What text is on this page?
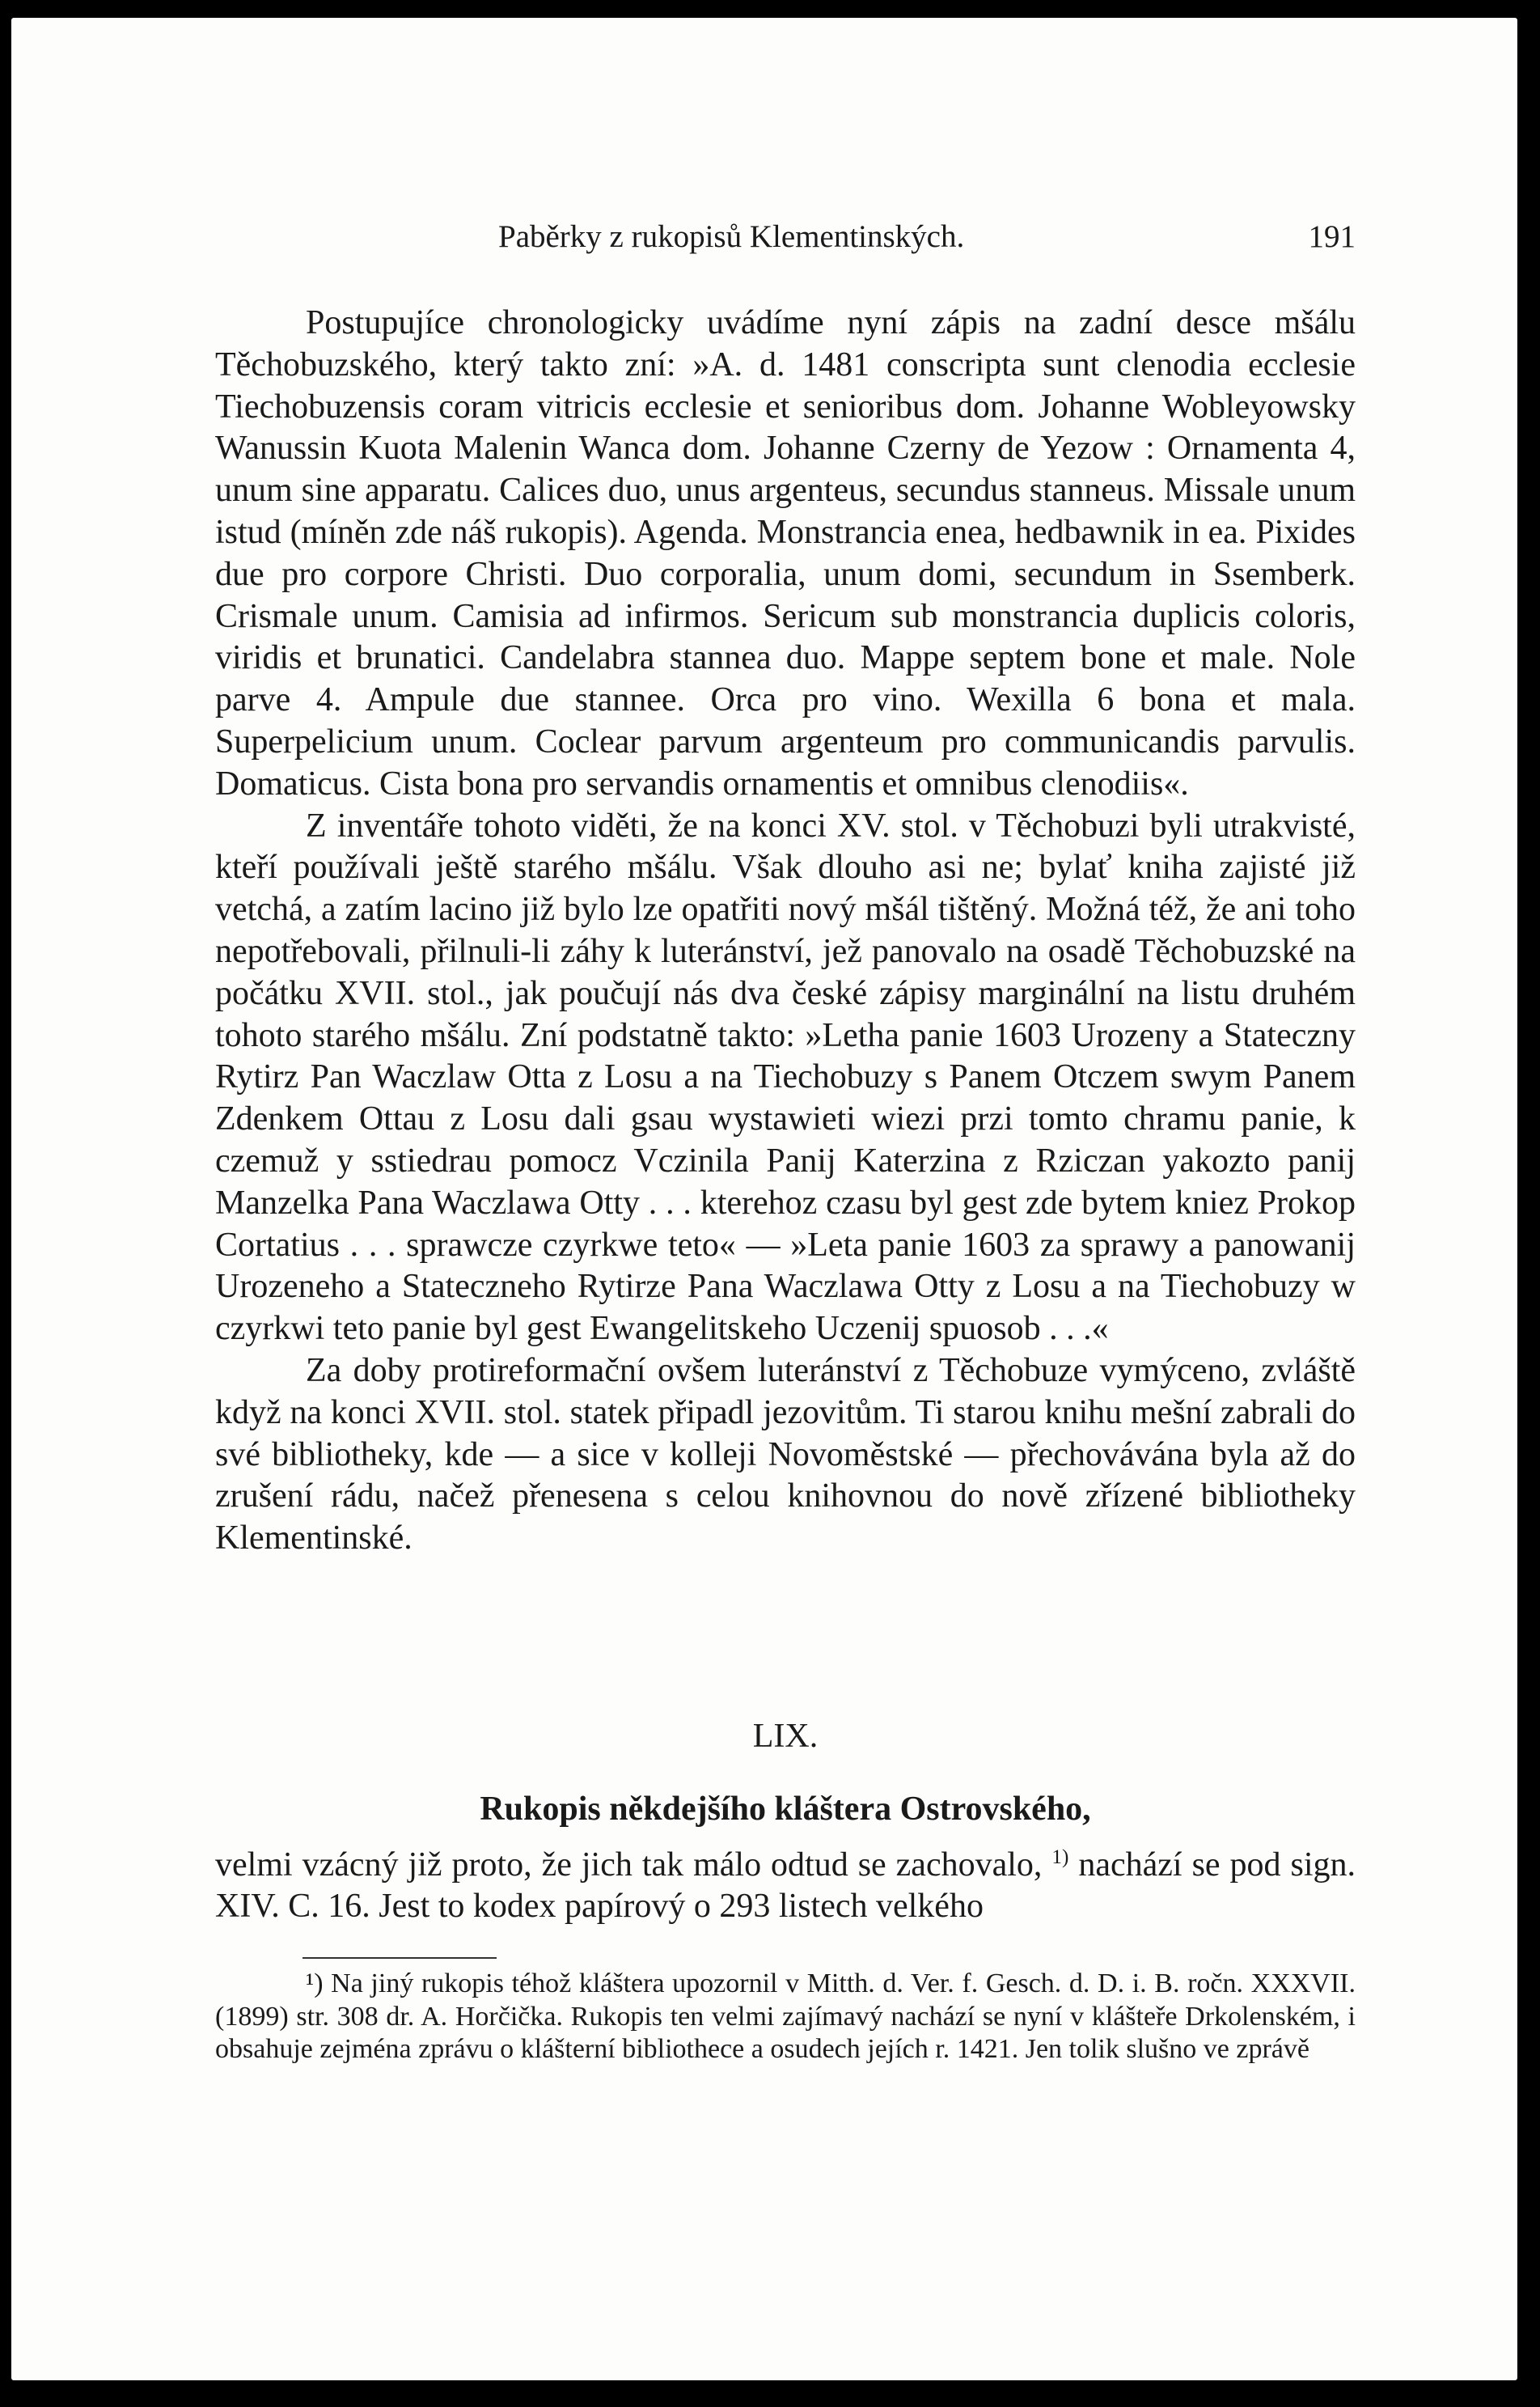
Paběrky z rukopisů Klementinských.	191

Postupujíce chronologicky uvádíme nyní zápis na zadní desce mšálu Těchobuzského, který takto zní: »A. d. 1481 conscripta sunt clenodia ecclesie Tiechobuzensis coram vitricis ecclesie et senioribus dom. Johanne Wobleyowsky Wanussin Kuota Malenin Wanca dom. Johanne Czerny de Yezow : Ornamenta 4, unum sine apparatu. Calices duo, unus argenteus, secundus stanneus. Missale unum istud (míněn zde náš rukopis). Agenda. Monstrancia enea, hedbawnik in ea. Pixides due pro corpore Christi. Duo corporalia, unum domi, secundum in Ssemberk. Crismale unum. Camisia ad infirmos. Sericum sub monstrancia duplicis coloris, viridis et brunatici. Candelabra stannea duo. Mappe septem bone et male. Nole parve 4. Ampule due stannee. Orca pro vino. Wexilla 6 bona et mala. Superpelicium unum. Coclear parvum argenteum pro communicandis parvulis. Domaticus. Cista bona pro servandis ornamentis et omnibus clenodiis«.

Z inventáře tohoto viděti, že na konci XV. stol. v Těchobuzi byli utrakvisté, kteří používali ještě starého mšálu. Však dlouho asi ne; bylať kniha zajisté již vetchá, a zatím lacino již bylo lze opatřiti nový mšál tištěný. Možná též, že ani toho nepotřebovali, přilnuli-li záhy k luteránství, jež panovalo na osadě Těchobuzské na počátku XVII. stol., jak poučují nás dva české zápisy marginální na listu druhém tohoto starého mšálu. Zní podstatně takto: »Letha panie 1603 Urozeny a Stateczny Rytirz Pan Waczlaw Otta z Losu a na Tiechobuzy s Panem Otczem swym Panem Zdenkem Ottau z Losu dali gsau wystawieti wiezi przi tomto chramu panie, k czemuž y sstiedrau pomocz Vczinila Panij Katerzina z Rziczan yakozto panij Manzelka Pana Waczlawa Otty . . . kterehoz czasu byl gest zde bytem kniez Prokop Cortatius . . . sprawcze czyrkwe teto« — »Leta panie 1603 za sprawy a panowanij Urozeneho a Stateczneho Rytirze Pana Waczlawa Otty z Losu a na Tiechobuzy w czyrkwi teto panie byl gest Ewangelitskeho Uczenij spuosob . . .«

Za doby protireformační ovšem luteránství z Těchobuze vymýceno, zvláště když na konci XVII. stol. statek připadl jezovitům. Ti starou knihu mešní zabrali do své bibliotheky, kde — a sice v kolleji Novoměstské — přechovávána byla až do zrušení rádu, načež přenesena s celou knihovnou do nově zřízené bibliotheky Klementinské.

LIX.
Rukopis někdejšího kláštera Ostrovského,

velmi vzácný již proto, že jich tak málo odtud se zachovalo, $^{1)}$ nachází se pod sign. XIV. C. 16. Jest to kodex papírový o 293 listech velkého

¹) Na jiný rukopis téhož kláštera upozornil v Mitth. d. Ver. f. Gesch. d. D. i. B. ročn. XXXVII. (1899) str. 308 dr. A. Horčička. Rukopis ten velmi zajímavý nachází se nyní v klášteře Drkolenském, i obsahuje zejména zprávu o klášterní bibliothece a osudech jejích r. 1421. Jen tolik slušno ve zprávě
